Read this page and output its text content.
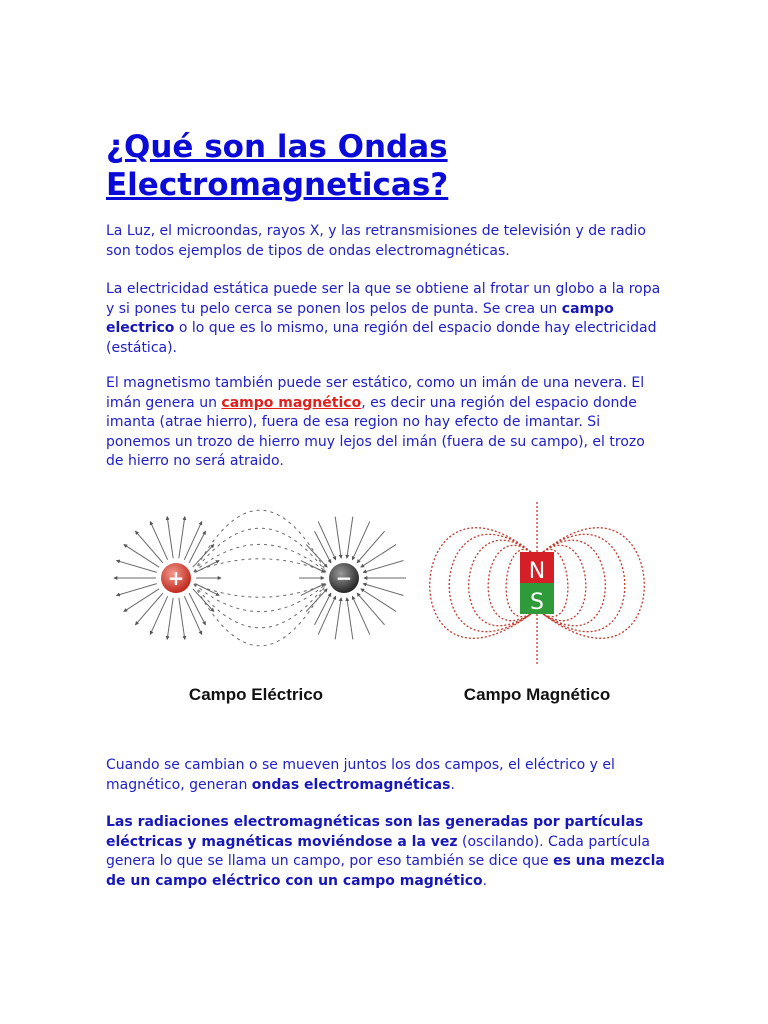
¿Qué son las Ondas Electromagneticas?

La Luz, el microondas, rayos X, y las retransmisiones de televisión y de radio son todos ejemplos de tipos de ondas electromagnéticas.

La electricidad estática puede ser la que se obtiene al frotar un globo a la ropa y si pones tu pelo cerca se ponen los pelos de punta. Se crea un campo electrico o lo que es lo mismo, una región del espacio donde hay electricidad (estática).

El magnetismo también puede ser estático, como un imán de una nevera. El imán genera un campo magnético, es decir una región del espacio donde imanta (atrae hierro), fuera de esa region no hay efecto de imantar. Si ponemos un trozo de hierro muy lejos del imán (fuera de su campo), el trozo de hierro no será atraido.

+	−	N
S
Campo Eléctrico	Campo Magnético

Cuando se cambian o se mueven juntos los dos campos, el eléctrico y el magnético, generan ondas electromagnéticas.

Las radiaciones electromagnéticas son las generadas por partículas eléctricas y magnéticas moviéndose a la vez (oscilando). Cada partícula genera lo que se llama un campo, por eso también se dice que es una mezcla de un campo eléctrico con un campo magnético.
